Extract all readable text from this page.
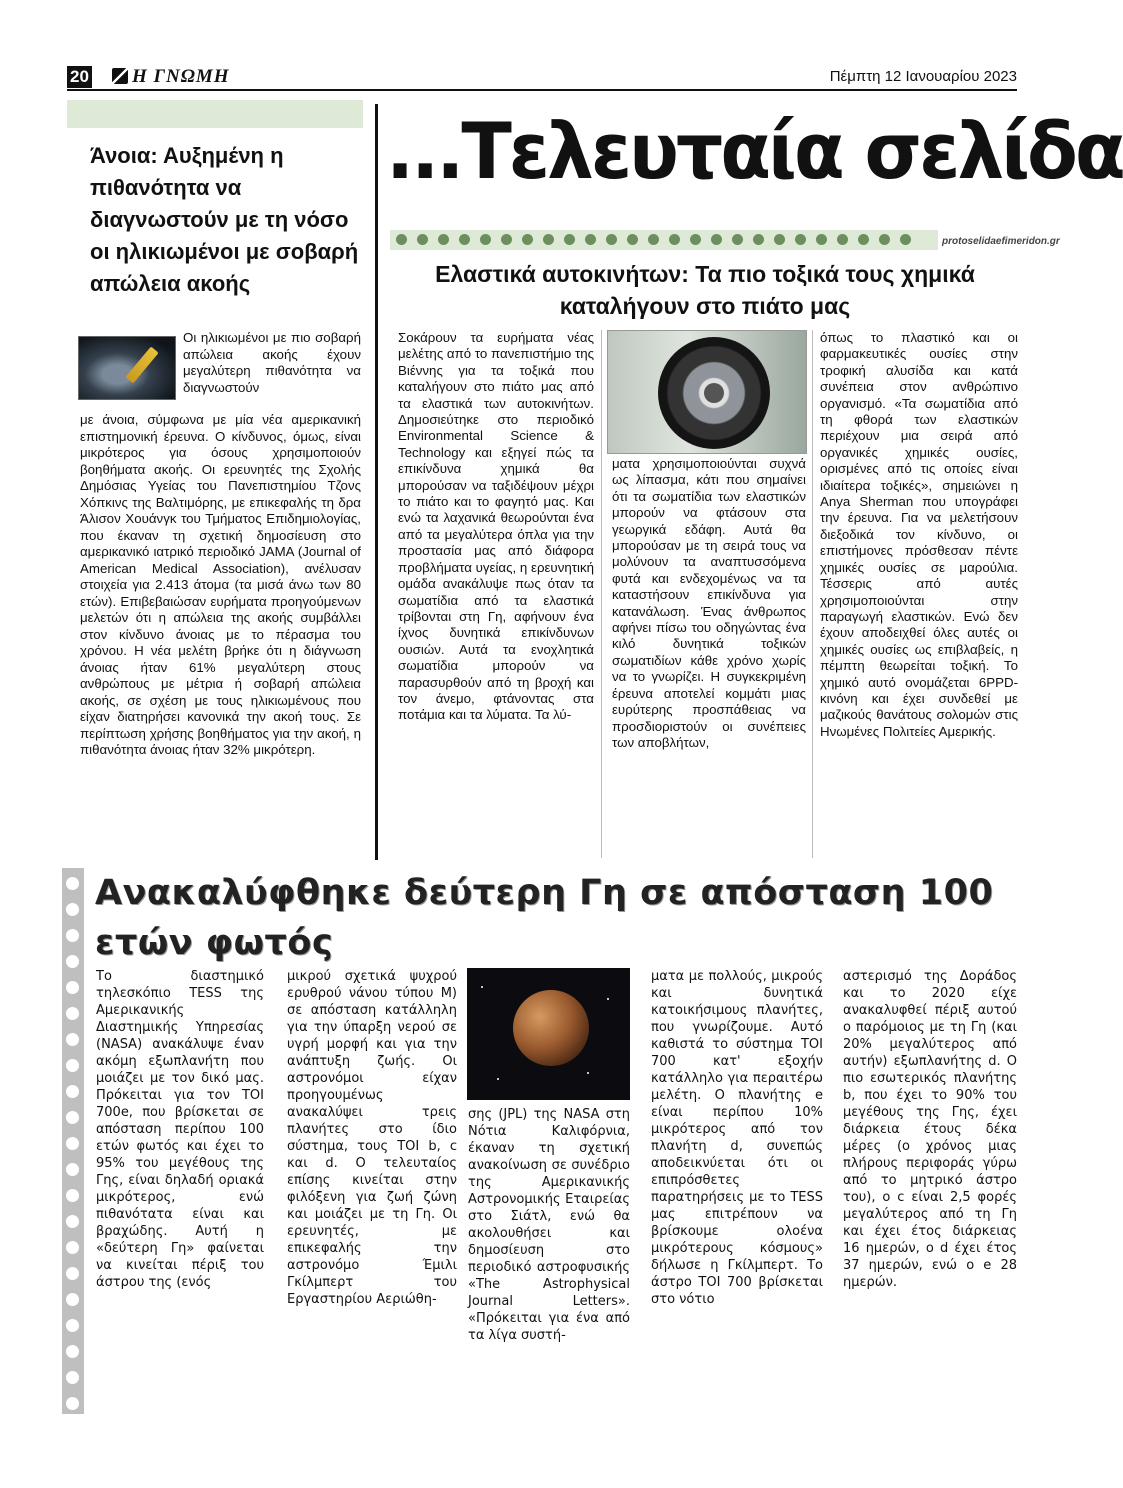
20	Η ΓΝΩΜΗ	Πέμπτη 12 Ιανουαρίου 2023
Άνοια: Αυξημένη η πιθανότητα να διαγνωστούν με τη νόσο οι ηλικιωμένοι με σοβαρή απώλεια ακοής
Οι ηλικιωμένοι με πιο σοβαρή απώλεια ακοής έχουν μεγαλύτερη πιθανότητα να διαγνωστούν
με άνοια, σύμφωνα με μία νέα αμερικανική επιστημονική έρευνα. Ο κίνδυνος, όμως, είναι μικρότερος για όσους χρησιμοποιούν βοηθήματα ακοής. Οι ερευνητές της Σχολής Δημόσιας Υγείας του Πανεπιστημίου Τζονς Χόπκινς της Βαλτιμόρης, με επικεφαλής τη δρα Άλισον Χουάνγκ του Τμήματος Επιδημιολογίας, που έκαναν τη σχετική δημοσίευση στο αμερικανικό ιατρικό περιοδικό JAMA (Journal of American Medical Association), ανέλυσαν στοιχεία για 2.413 άτομα (τα μισά άνω των 80 ετών). Επιβεβαιώσαν ευρήματα προηγούμενων μελετών ότι η απώλεια της ακοής συμβάλλει στον κίνδυνο άνοιας με το πέρασμα του χρόνου. Η νέα μελέτη βρήκε ότι η διάγνωση άνοιας ήταν 61% μεγαλύτερη στους ανθρώπους με μέτρια ή σοβαρή απώλεια ακοής, σε σχέση με τους ηλικιωμένους που είχαν διατηρήσει κανονικά την ακοή τους. Σε περίπτωση χρήσης βοηθήματος για την ακοή, η πιθανότητα άνοιας ήταν 32% μικρότερη.
...Τελευταία σελίδα
protoselidaefimeridon.gr
Ελαστικά αυτοκινήτων: Τα πιο τοξικά τους χημικά καταλήγουν στο πιάτο μας
Σοκάρουν τα ευρήματα νέας μελέτης από το πανεπιστήμιο της Βιέννης για τα τοξικά που καταλήγουν στο πιάτο μας από τα ελαστικά των αυτοκινήτων. Δημοσιεύτηκε στο περιοδικό Environmental Science & Technology και εξηγεί πώς τα επικίνδυνα χημικά θα μπορούσαν να ταξιδέψουν μέχρι το πιάτο και το φαγητό μας. Και ενώ τα λαχανικά θεωρούνται ένα από τα μεγαλύτερα όπλα για την προστασία μας από διάφορα προβλήματα υγείας, η ερευνητική ομάδα ανακάλυψε πως όταν τα σωματίδια από τα ελαστικά τρίβονται στη Γη, αφήνουν ένα ίχνος δυνητικά επικίνδυνων ουσιών. Αυτά τα ενοχλητικά σωματίδια μπορούν να παρασυρθούν από τη βροχή και τον άνεμο, φτάνοντας στα ποτάμια και τα λύματα. Τα λύ-
ματα χρησιμοποιούνται συχνά ως λίπασμα, κάτι που σημαίνει ότι τα σωματίδια των ελαστικών μπορούν να φτάσουν στα γεωργικά εδάφη. Αυτά θα μπορούσαν με τη σειρά τους να μολύνουν τα αναπτυσσόμενα φυτά και ενδεχομένως να τα καταστήσουν επικίνδυνα για κατανάλωση. Ένας άνθρωπος αφήνει πίσω του οδηγώντας ένα κιλό δυνητικά τοξικών σωματιδίων κάθε χρόνο χωρίς να το γνωρίζει. Η συγκεκριμένη έρευνα αποτελεί κομμάτι μιας ευρύτερης προσπάθειας να προσδιοριστούν οι συνέπειες των αποβλήτων,
όπως το πλαστικό και οι φαρμακευτικές ουσίες στην τροφική αλυσίδα και κατά συνέπεια στον ανθρώπινο οργανισμό. «Τα σωματίδια από τη φθορά των ελαστικών περιέχουν μια σειρά από οργανικές χημικές ουσίες, ορισμένες από τις οποίες είναι ιδιαίτερα τοξικές», σημειώνει η Anya Sherman που υπογράφει την έρευνα. Για να μελετήσουν διεξοδικά τον κίνδυνο, οι επιστήμονες πρόσθεσαν πέντε χημικές ουσίες σε μαρούλια. Τέσσερις από αυτές χρησιμοποιούνται στην παραγωγή ελαστικών. Ενώ δεν έχουν αποδειχθεί όλες αυτές οι χημικές ουσίες ως επιβλαβείς, η πέμπτη θεωρείται τοξική. Το χημικό αυτό ονομάζεται 6PPD-κινόνη και έχει συνδεθεί με μαζικούς θανάτους σολομών στις Ηνωμένες Πολιτείες Αμερικής.
Ανακαλύφθηκε δεύτερη Γη σε απόσταση 100 ετών φωτός
Το διαστημικό τηλεσκόπιο TESS της Αμερικανικής Διαστημικής Υπηρεσίας (NASA) ανακάλυψε έναν ακόμη εξωπλανήτη που μοιάζει με τον δικό μας. Πρόκειται για τον TOI 700e, που βρίσκεται σε απόσταση περίπου 100 ετών φωτός και έχει το 95% του μεγέθους της Γης, είναι δηλαδή οριακά μικρότερος, ενώ πιθανότατα είναι και βραχώδης. Αυτή η «δεύτερη Γη» φαίνεται να κινείται πέριξ του άστρου της (ενός
μικρού σχετικά ψυχρού ερυθρού νάνου τύπου M) σε απόσταση κατάλληλη για την ύπαρξη νερού σε υγρή μορφή και για την ανάπτυξη ζωής. Οι αστρονόμοι είχαν προηγουμένως ανακαλύψει τρεις πλανήτες στο ίδιο σύστημα, τους TOI b, c και d. O τελευταίος επίσης κινείται στην φιλόξενη για ζωή ζώνη και μοιάζει με τη Γη. Οι ερευνητές, με επικεφαλής την αστρονόμο Έμιλι Γκίλμπερτ του Εργαστηρίου Αεριώθη-
σης (JPL) της NASA στη Νότια Καλιφόρνια, έκαναν τη σχετική ανακοίνωση σε συνέδριο της Αμερικανικής Αστρονομικής Εταιρείας στο Σιάτλ, ενώ θα ακολουθήσει και δημοσίευση στο περιοδικό αστροφυσικής «The Astrophysical Journal Letters». «Πρόκειται για ένα από τα λίγα συστή-
ματα με πολλούς, μικρούς και δυνητικά κατοικήσιμους πλανήτες, που γνωρίζουμε. Αυτό καθιστά το σύστημα TOI 700 κατ' εξοχήν κατάλληλο για περαιτέρω μελέτη. Ο πλανήτης e είναι περίπου 10% μικρότερος από τον πλανήτη d, συνεπώς αποδεικνύεται ότι οι επιπρόσθετες παρατηρήσεις με το TESS μας επιτρέπουν να βρίσκουμε ολοένα μικρότερους κόσμους» δήλωσε η Γκίλμπερτ. Το άστρο TOI 700 βρίσκεται στο νότιο
αστερισμό της Δοράδος και το 2020 είχε ανακαλυφθεί πέριξ αυτού ο παρόμοιος με τη Γη (και 20% μεγαλύτερος από αυτήν) εξωπλανήτης d. Ο πιο εσωτερικός πλανήτης b, που έχει το 90% του μεγέθους της Γης, έχει διάρκεια έτους δέκα μέρες (ο χρόνος μιας πλήρους περιφοράς γύρω από το μητρικό άστρο του), ο c είναι 2,5 φορές μεγαλύτερος από τη Γη και έχει έτος διάρκειας 16 ημερών, ο d έχει έτος 37 ημερών, ενώ ο e 28 ημερών.
